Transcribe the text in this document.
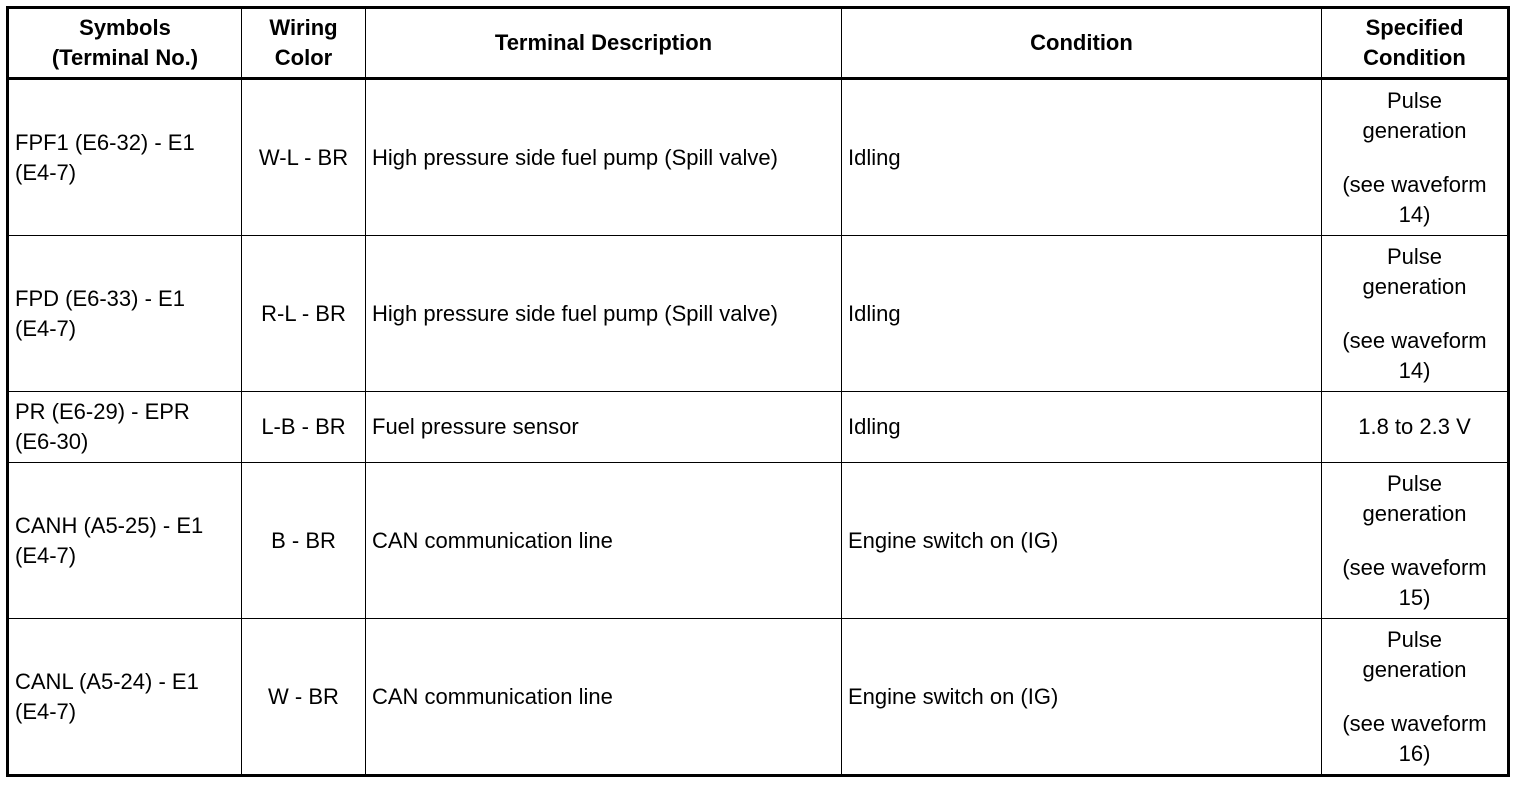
Symbols
(Terminal No.)	Wiring
Color	Terminal Description	Condition	Specified
Condition

FPF1 (E6-32) - E1
(E4-7)	W-L - BR	High pressure side fuel pump (Spill valve)	Idling	Pulse
generation
(see waveform
14)

FPD (E6-33) - E1
(E4-7)	R-L - BR	High pressure side fuel pump (Spill valve)	Idling	Pulse
generation
(see waveform
14)

PR (E6-29) - EPR
(E6-30)	L-B - BR	Fuel pressure sensor	Idling	1.8 to 2.3 V

CANH (A5-25) - E1
(E4-7)	B - BR	CAN communication line	Engine switch on (IG)	Pulse
generation
(see waveform
15)

CANL (A5-24) - E1
(E4-7)	W - BR	CAN communication line	Engine switch on (IG)	Pulse
generation
(see waveform
16)
